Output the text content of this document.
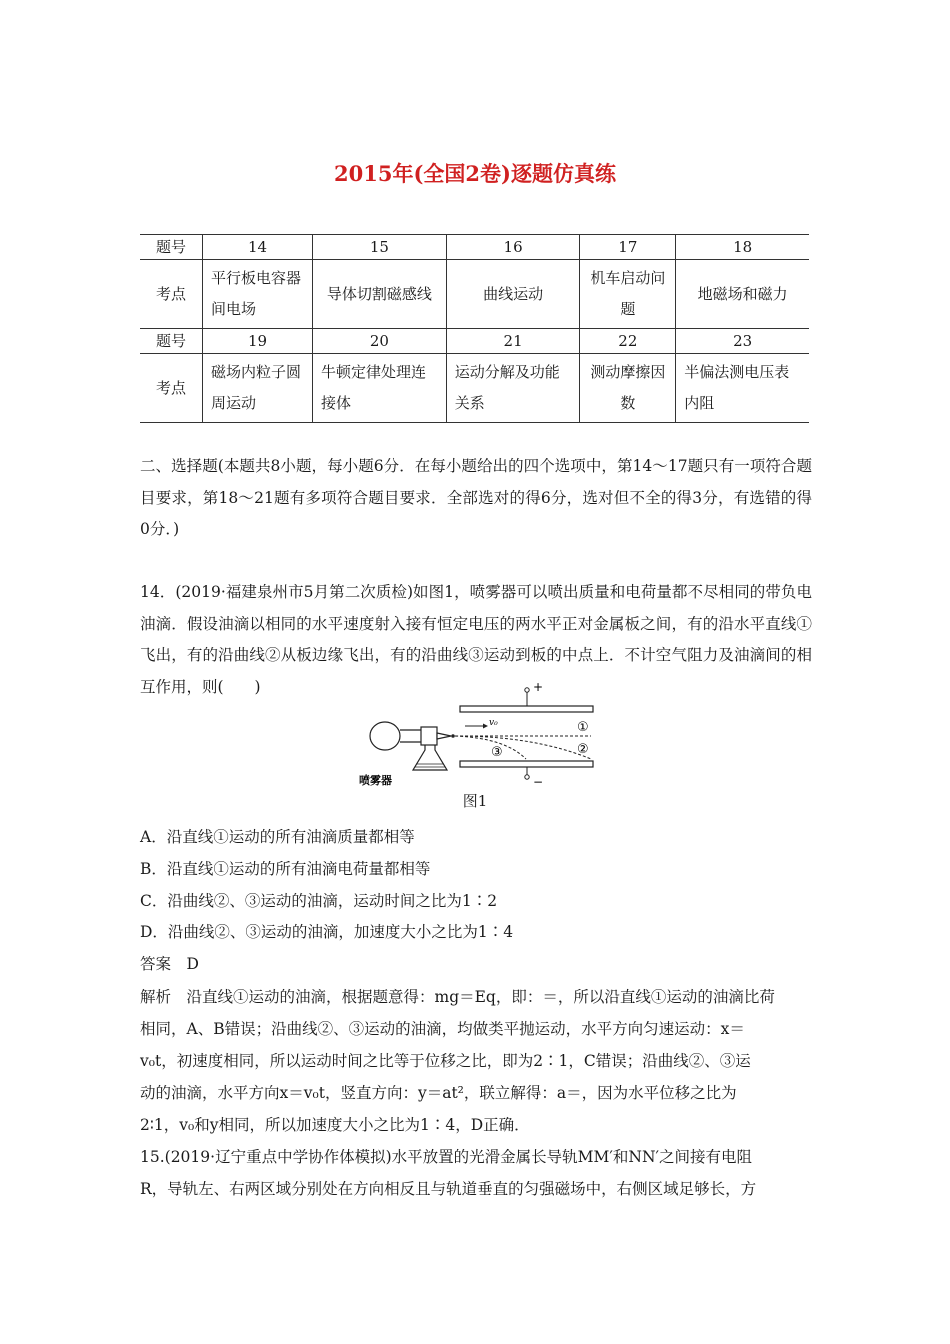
2015年(全国2卷)逐题仿真练
题号	14	15	16	17	18
考点	平行板电容器间电场	导体切割磁感线	曲线运动	机车启动问题	地磁场和磁力
题号	19	20	21	22	23
考点	磁场内粒子圆周运动	牛顿定律处理连接体	运动分解及功能关系	测动摩擦因数	半偏法测电压表内阻
二、选择题(本题共8小题，每小题6分．在每小题给出的四个选项中，第14～17题只有一项符合题目要求，第18～21题有多项符合题目要求．全部选对的得6分，选对但不全的得3分，有选错的得0分．)
14．(2019·福建泉州市5月第二次质检)如图1，喷雾器可以喷出质量和电荷量都不尽相同的带负电油滴．假设油滴以相同的水平速度射入接有恒定电压的两水平正对金属板之间，有的沿水平直线①飞出，有的沿曲线②从板边缘飞出，有的沿曲线③运动到板的中点上．不计空气阻力及油滴间的相互作用，则(　　)	+
−
v₀	①
②
③
喷雾器
图1
A．沿直线①运动的所有油滴质量都相等
B．沿直线①运动的所有油滴电荷量都相等
C．沿曲线②、③运动的油滴，运动时间之比为1∶2
D．沿曲线②、③运动的油滴，加速度大小之比为1∶4
答案　D
解析　沿直线①运动的油滴，根据题意得：mg＝Eq，即：＝，所以沿直线①运动的油滴比荷
相同，A、B错误；沿曲线②、③运动的油滴，均做类平抛运动，水平方向匀速运动：x＝
v₀t，初速度相同，所以运动时间之比等于位移之比，即为2∶1，C错误；沿曲线②、③运
动的油滴，水平方向x＝v₀t，竖直方向：y＝at²，联立解得：a＝，因为水平位移之比为
2∶1，v₀和y相同，所以加速度大小之比为1∶4，D正确．
15.(2019·辽宁重点中学协作体模拟)水平放置的光滑金属长导轨MM′和NN′之间接有电阻
R，导轨左、右两区域分别处在方向相反且与轨道垂直的匀强磁场中，右侧区域足够长，方
